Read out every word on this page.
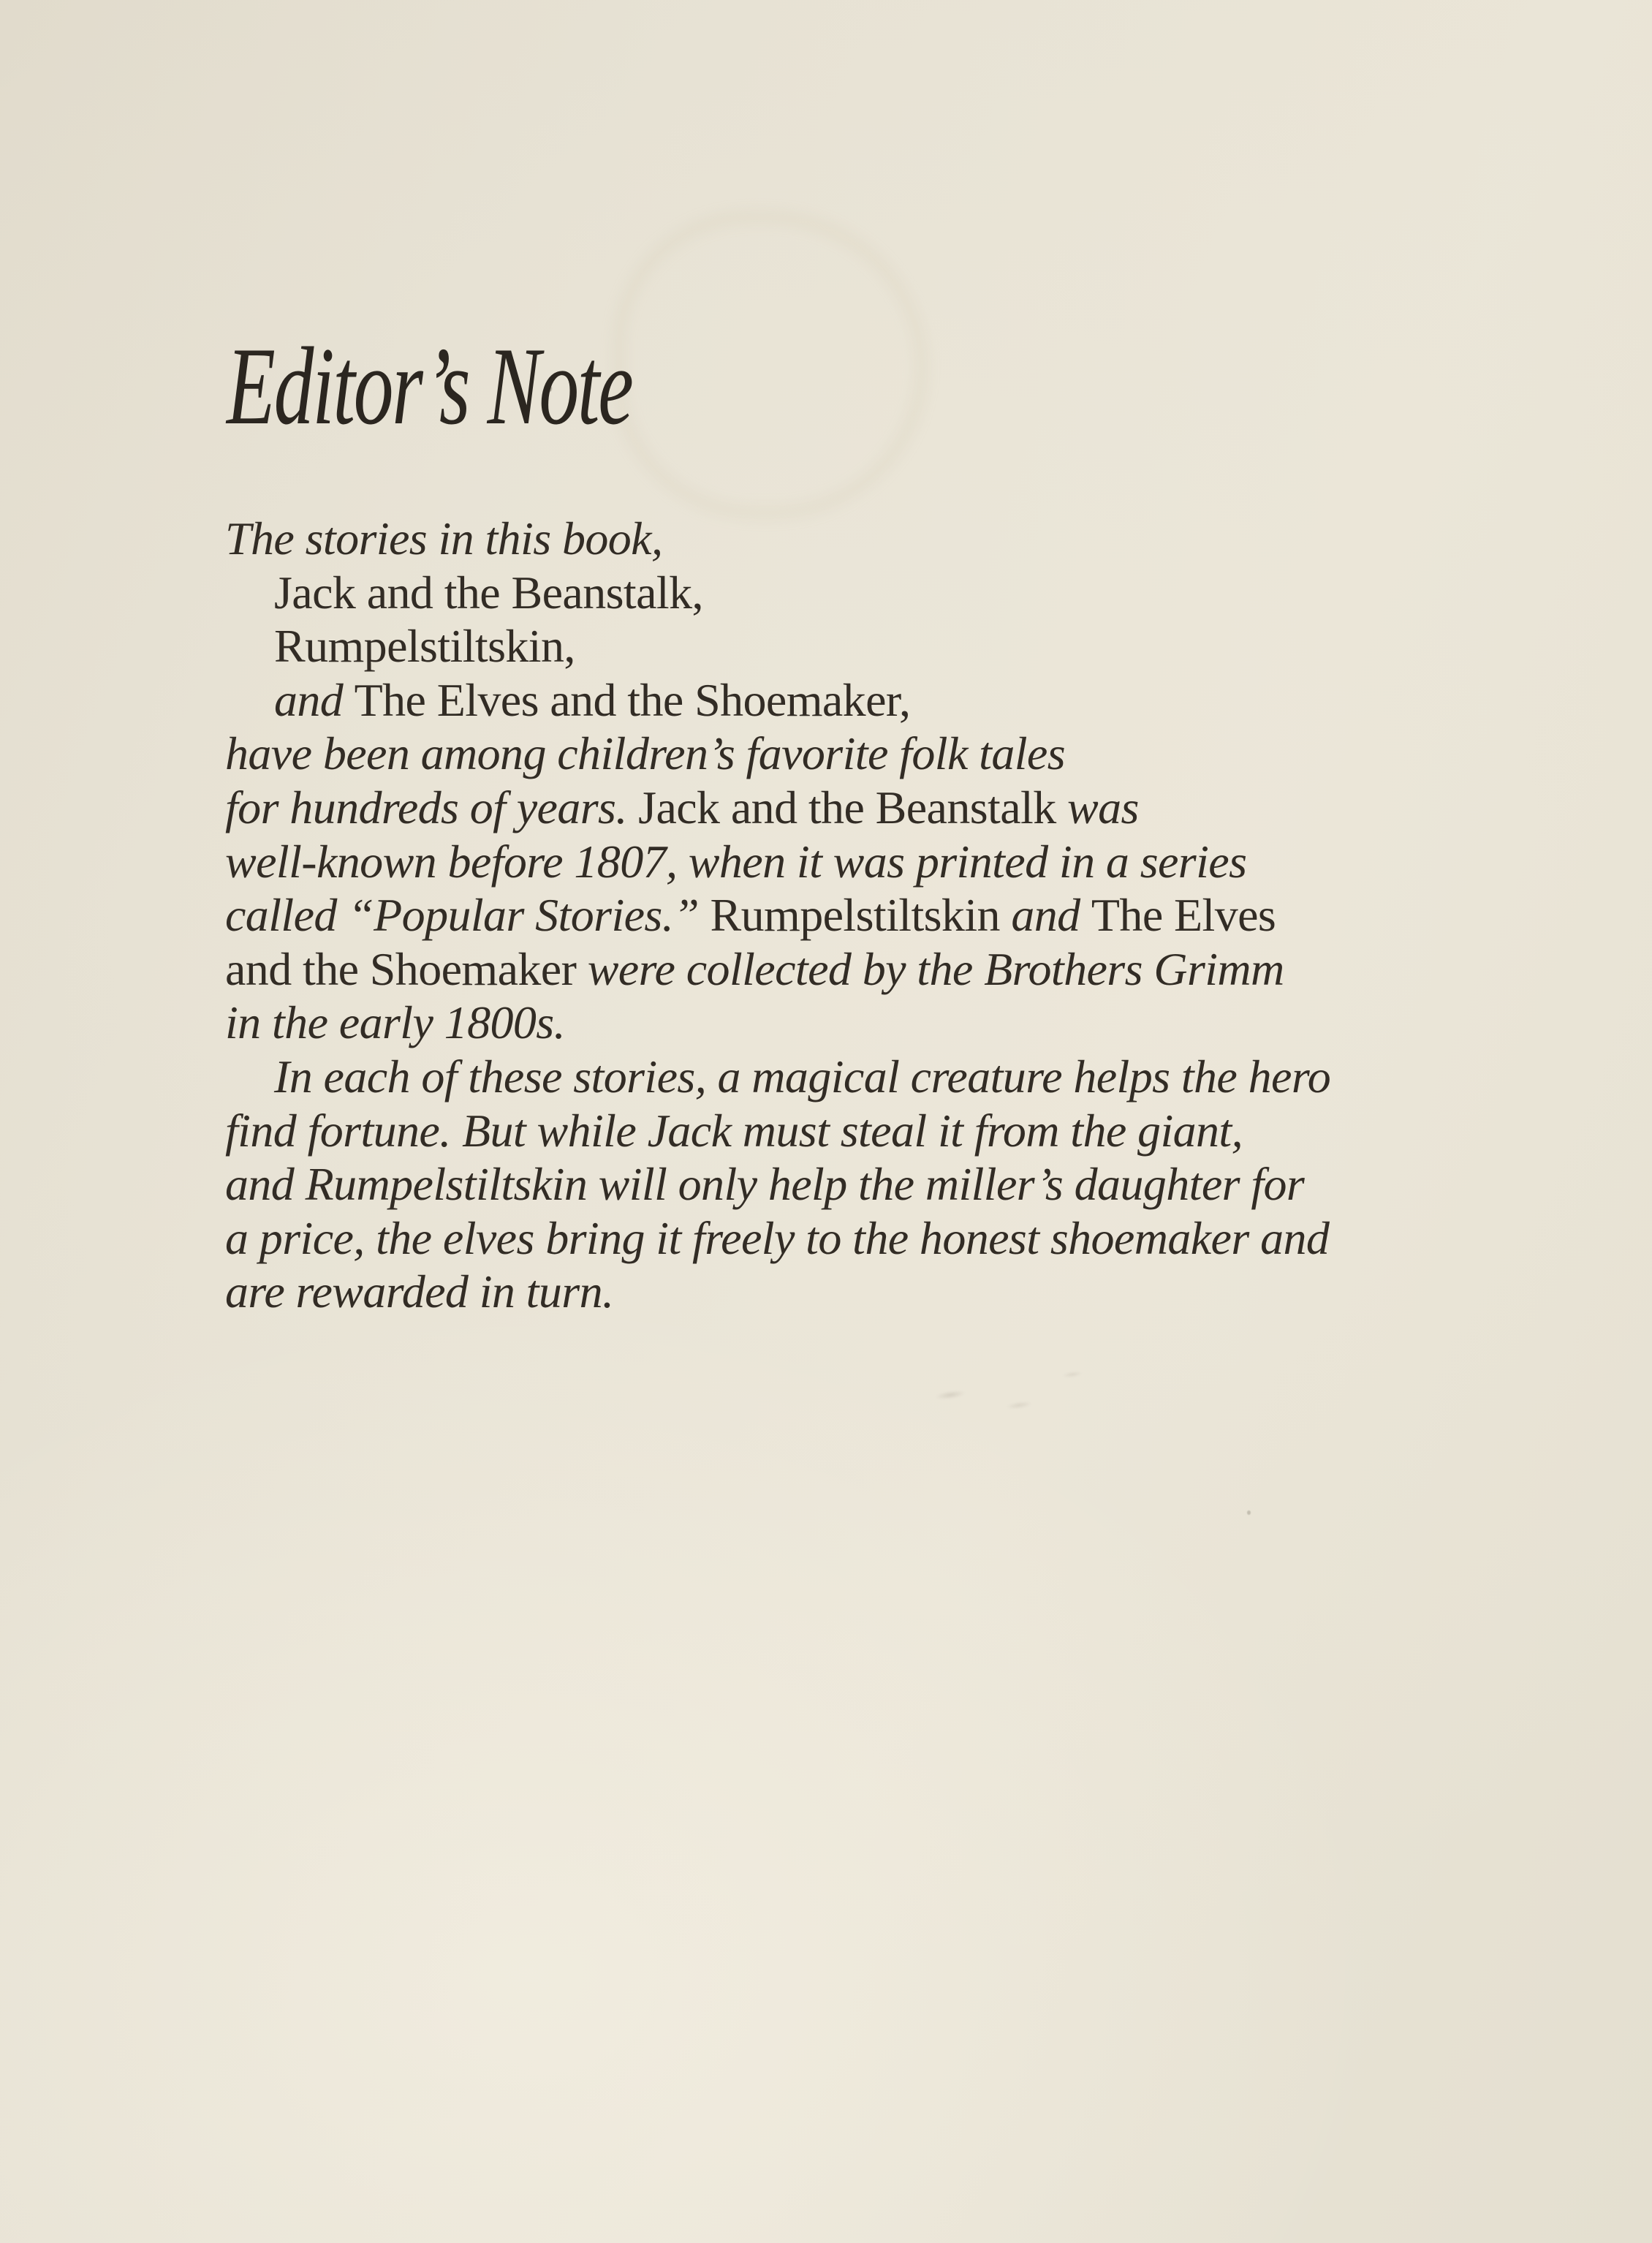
Editor’s Note
The stories in this book,
Jack and the Beanstalk,
Rumpelstiltskin,
and The Elves and the Shoemaker,
have been among children’s favorite folk tales
for hundreds of years. Jack and the Beanstalk was
well-known before 1807, when it was printed in a series
called “Popular Stories.” Rumpelstiltskin and The Elves
and the Shoemaker were collected by the Brothers Grimm
in the early 1800s.
In each of these stories, a magical creature helps the hero
find fortune. But while Jack must steal it from the giant,
and Rumpelstiltskin will only help the miller’s daughter for
a price, the elves bring it freely to the honest shoemaker and
are rewarded in turn.
